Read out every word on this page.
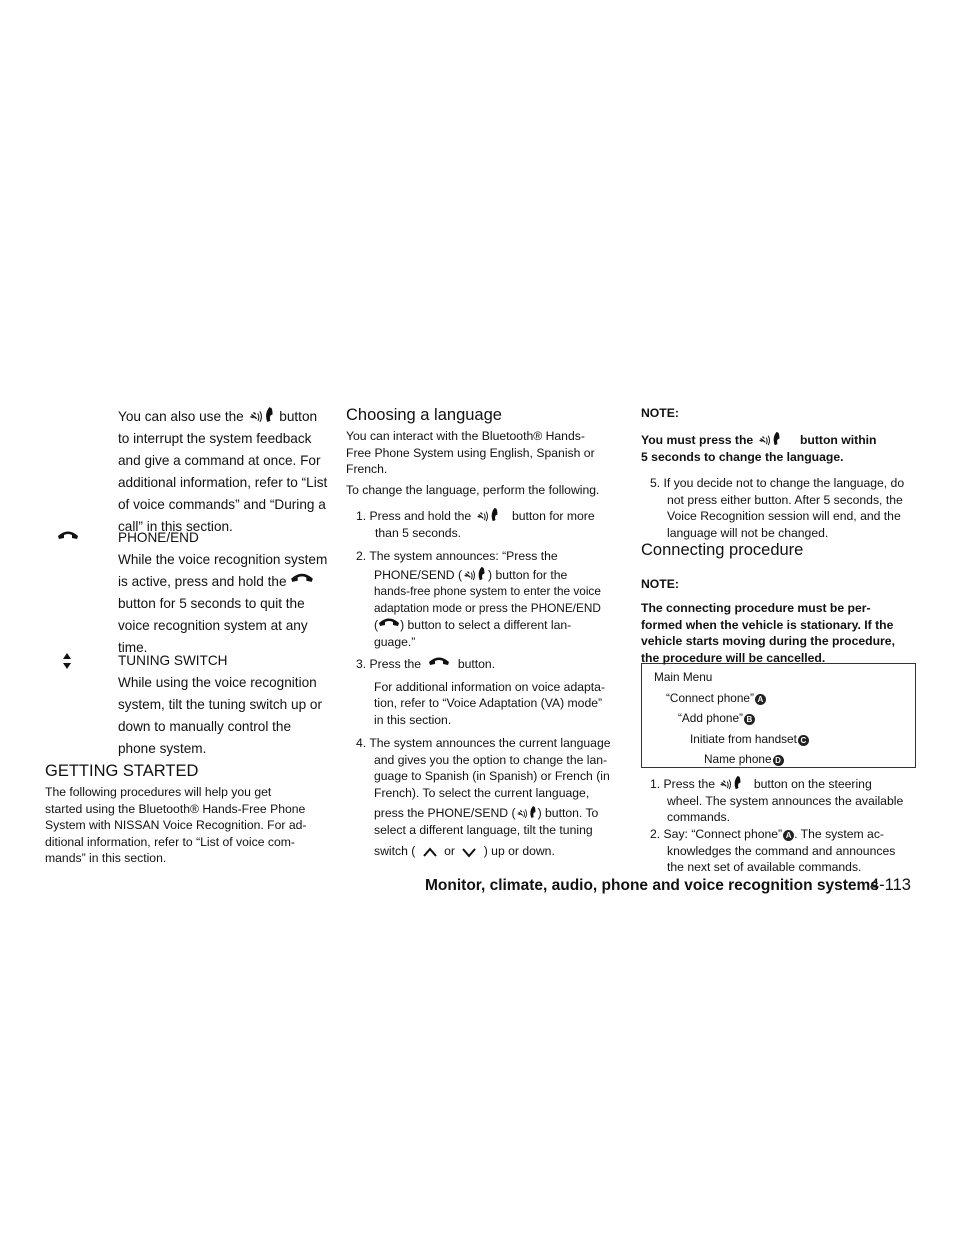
You can also use the	button
to interrupt the system feedback
and give a command at once. For
additional information, refer to “List
of voice commands” and “During a
call” in this section.
PHONE/END
While the voice recognition system
is active, press and hold the
button for 5 seconds to quit the
voice recognition system at any
time.
TUNING SWITCH
While using the voice recognition
system, tilt the tuning switch up or
down to manually control the
phone system.
GETTING STARTED
The following procedures will help you get
started using the Bluetooth® Hands-Free Phone
System with NISSAN Voice Recognition. For ad-
ditional information, refer to “List of voice com-
mands” in this section.
Choosing a language
You can interact with the Bluetooth® Hands-
Free Phone System using English, Spanish or
French.
To change the language, perform the following.
1. Press and hold the	button for more
than 5 seconds.
2. The system announces: “Press the
PHONE/SEND ( ) button for the
hands-free phone system to enter the voice
adaptation mode or press the PHONE/END
( ) button to select a different lan-
guage.”
3. Press the	button.
For additional information on voice adapta-
tion, refer to “Voice Adaptation (VA) mode”
in this section.
4. The system announces the current language
and gives you the option to change the lan-
guage to Spanish (in Spanish) or French (in
French). To select the current language,
press the PHONE/SEND ( ) button. To
select a different language, tilt the tuning
switch ( or ) up or down.
NOTE:
You must press the	button within
5 seconds to change the language.
5. If you decide not to change the language, do
not press either button. After 5 seconds, the
Voice Recognition session will end, and the
language will not be changed.
Connecting procedure
NOTE:
The connecting procedure must be per-
formed when the vehicle is stationary. If the
vehicle starts moving during the procedure,
the procedure will be cancelled.
Main Menu
“Connect phone” A
“Add phone” B
Initiate from handset C
Name phone D
1. Press the	button on the steering
wheel. The system announces the available
commands.
2. Say: “Connect phone” A . The system ac-
knowledges the command and announces
the next set of available commands.
Monitor, climate, audio, phone and voice recognition systems
4-113
